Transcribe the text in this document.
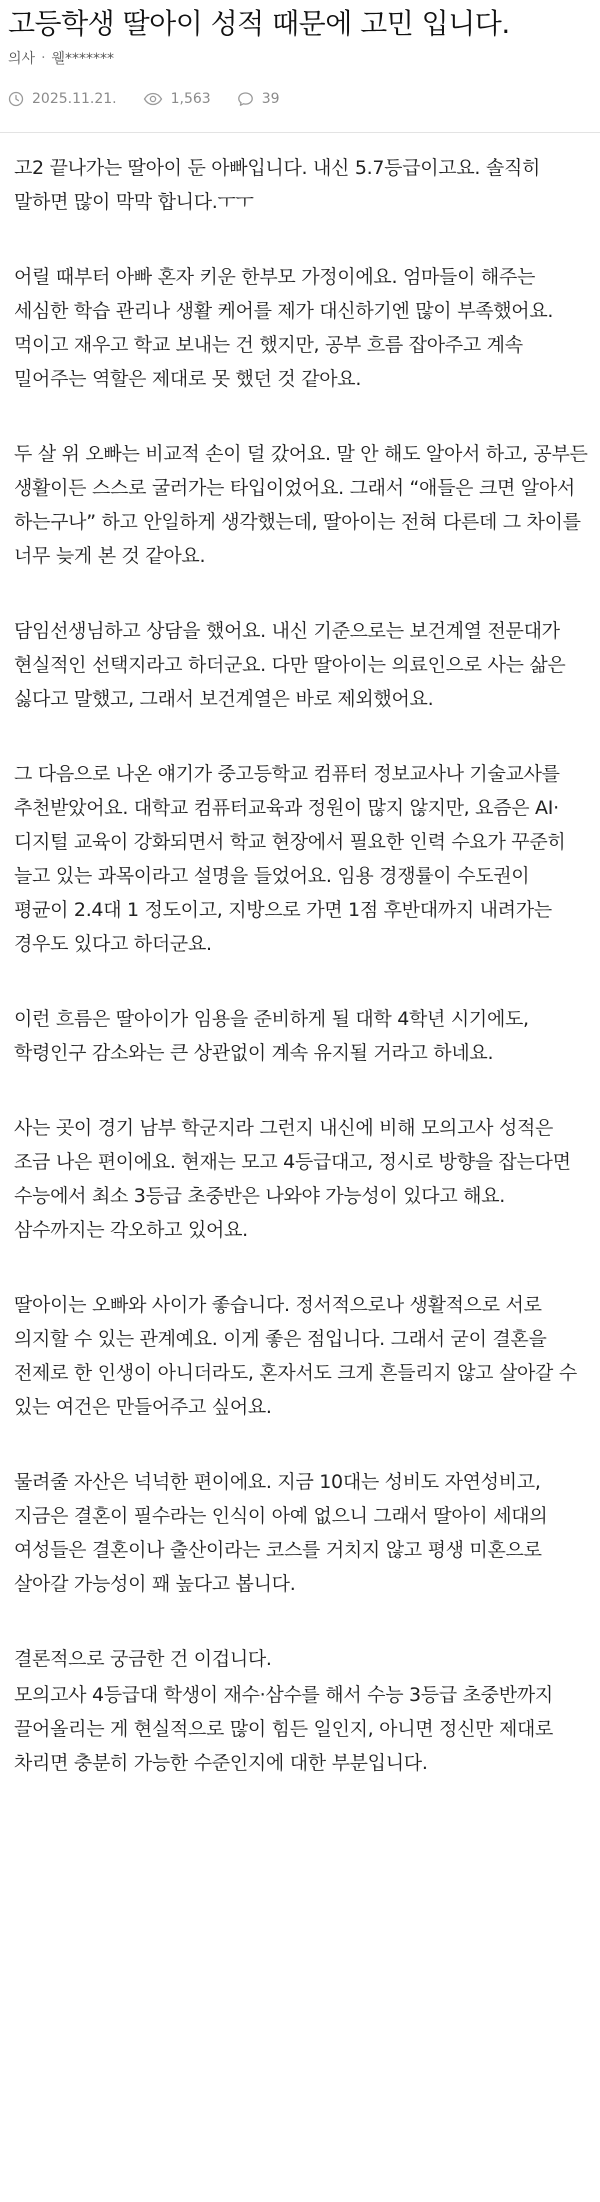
고등학생 딸아이 성적 때문에 고민 입니다.
의사 · 웰*******
2025.11.21.	1,563	39

고2 끝나가는 딸아이 둔 아빠입니다. 내신 5.7등급이고요. 솔직히 말하면 많이 막막 합니다.ㅜㅜ

어릴 때부터 아빠 혼자 키운 한부모 가정이에요. 엄마들이 해주는 세심한 학습 관리나 생활 케어를 제가 대신하기엔 많이 부족했어요. 먹이고 재우고 학교 보내는 건 했지만, 공부 흐름 잡아주고 계속 밀어주는 역할은 제대로 못 했던 것 같아요.

두 살 위 오빠는 비교적 손이 덜 갔어요. 말 안 해도 알아서 하고, 공부든 생활이든 스스로 굴러가는 타입이었어요. 그래서 “애들은 크면 알아서 하는구나” 하고 안일하게 생각했는데, 딸아이는 전혀 다른데 그 차이를 너무 늦게 본 것 같아요.

담임선생님하고 상담을 했어요. 내신 기준으로는 보건계열 전문대가 현실적인 선택지라고 하더군요. 다만 딸아이는 의료인으로 사는 삶은 싫다고 말했고, 그래서 보건계열은 바로 제외했어요.

그 다음으로 나온 얘기가 중고등학교 컴퓨터 정보교사나 기술교사를 추천받았어요. 대학교 컴퓨터교육과 정원이 많지 않지만, 요즘은 AI·디지털 교육이 강화되면서 학교 현장에서 필요한 인력 수요가 꾸준히 늘고 있는 과목이라고 설명을 들었어요. 임용 경쟁률이 수도권이 평균이 2.4대 1 정도이고, 지방으로 가면 1점 후반대까지 내려가는 경우도 있다고 하더군요.

이런 흐름은 딸아이가 임용을 준비하게 될 대학 4학년 시기에도,학령인구 감소와는 큰 상관없이 계속 유지될 거라고 하네요.

사는 곳이 경기 남부 학군지라 그런지 내신에 비해 모의고사 성적은 조금 나은 편이에요. 현재는 모고 4등급대고, 정시로 방향을 잡는다면 수능에서 최소 3등급 초중반은 나와야 가능성이 있다고 해요. 삼수까지는 각오하고 있어요.

딸아이는 오빠와 사이가 좋습니다. 정서적으로나 생활적으로 서로 의지할 수 있는 관계예요. 이게 좋은 점입니다. 그래서 굳이 결혼을 전제로 한 인생이 아니더라도, 혼자서도 크게 흔들리지 않고 살아갈 수 있는 여건은 만들어주고 싶어요.

물려줄 자산은 넉넉한 편이에요. 지금 10대는 성비도 자연성비고, 지금은 결혼이 필수라는 인식이 아예 없으니 그래서 딸아이 세대의 여성들은 결혼이나 출산이라는 코스를 거치지 않고 평생 미혼으로 살아갈 가능성이 꽤 높다고 봅니다.

결론적으로 궁금한 건 이겁니다.

모의고사 4등급대 학생이 재수·삼수를 해서 수능 3등급 초중반까지 끌어올리는 게 현실적으로 많이 힘든 일인지, 아니면 정신만 제대로 차리면 충분히 가능한 수준인지에 대한 부분입니다.
